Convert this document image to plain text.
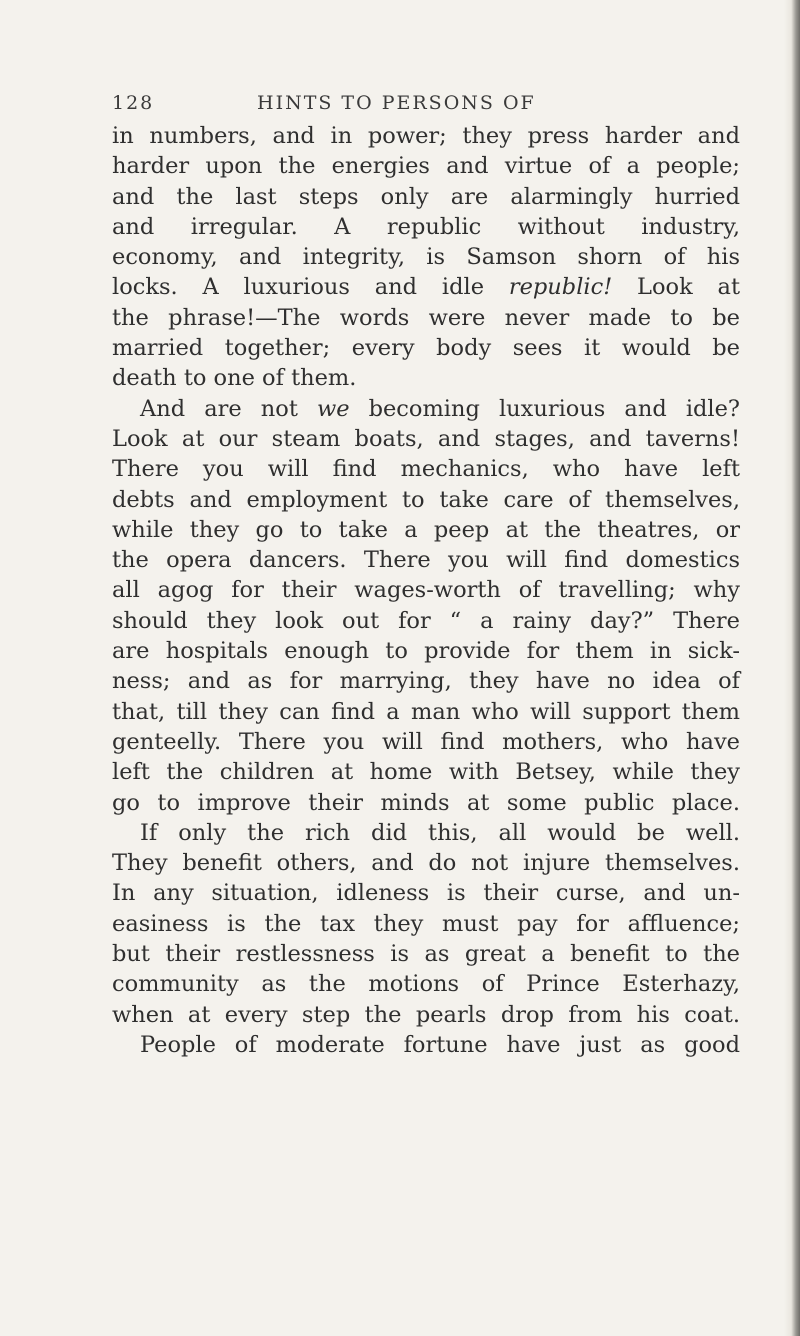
128	HINTS TO PERSONS OF
in numbers, and in power; they press harder and
harder upon the energies and virtue of a people;
and the last steps only are alarmingly hurried
and irregular. A republic without industry,
economy, and integrity, is Samson shorn of his
locks. A luxurious and idle republic! Look at
the phrase!—The words were never made to be
married together; every body sees it would be
death to one of them.
And are not we becoming luxurious and idle?
Look at our steam boats, and stages, and taverns!
There you will find mechanics, who have left
debts and employment to take care of themselves,
while they go to take a peep at the theatres, or
the opera dancers. There you will find domestics
all agog for their wages-worth of travelling; why
should they look out for “ a rainy day?” There
are hospitals enough to provide for them in sick-
ness; and as for marrying, they have no idea of
that, till they can find a man who will support them
genteelly. There you will find mothers, who have
left the children at home with Betsey, while they
go to improve their minds at some public place.
If only the rich did this, all would be well.
They benefit others, and do not injure themselves.
In any situation, idleness is their curse, and un-
easiness is the tax they must pay for affluence;
but their restlessness is as great a benefit to the
community as the motions of Prince Esterhazy,
when at every step the pearls drop from his coat.
People of moderate fortune have just as good
